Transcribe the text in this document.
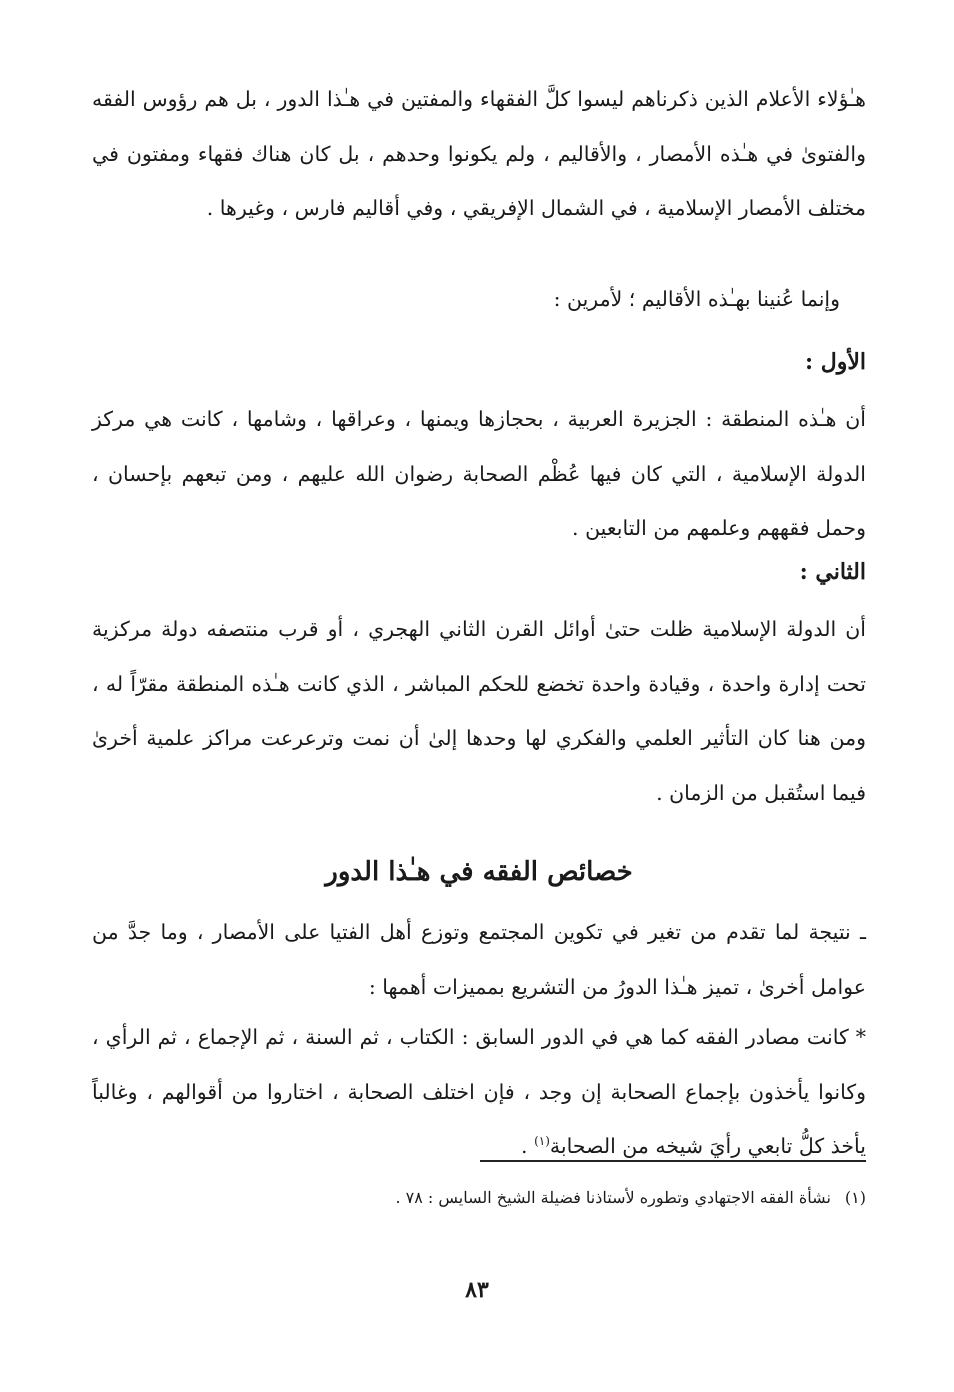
هـٰؤلاء الأعلام الذين ذكرناهم ليسوا كلَّ الفقهاء والمفتين في هـٰذا الدور ، بل هم رؤوس الفقه والفتوىٰ في هـٰذه الأمصار ، والأقاليم ، ولم يكونوا وحدهم ، بل كان هناك فقهاء ومفتون في مختلف الأمصار الإسلامية ، في الشمال الإفريقي ، وفي أقاليم فارس ، وغيرها .
وإنما عُنينا بهـٰذه الأقاليم ؛ لأمرين :
الأول :
أن هـٰذه المنطقة : الجزيرة العربية ، بحجازها ويمنها ، وعراقها ، وشامها ، كانت هي مركز الدولة الإسلامية ، التي كان فيها عُظْم الصحابة رضوان الله عليهم ، ومن تبعهم بإحسان ، وحمل فقههم وعلمهم من التابعين .
الثاني :
أن الدولة الإسلامية ظلت حتىٰ أوائل القرن الثاني الهجري ، أو قرب منتصفه دولة مركزية تحت إدارة واحدة ، وقيادة واحدة تخضع للحكم المباشر ، الذي كانت هـٰذه المنطقة مقرّاً له ، ومن هنا كان التأثير العلمي والفكري لها وحدها إلىٰ أن نمت وترعرعت مراكز علمية أخرىٰ فيما استُقبل من الزمان .
خصائص الفقه في هـٰذا الدور
ـ نتيجة لما تقدم من تغير في تكوين المجتمع وتوزع أهل الفتيا على الأمصار ، وما جدَّ من عوامل أخرىٰ ، تميز هـٰذا الدورُ من التشريع بمميزات أهمها :
* كانت مصادر الفقه كما هي في الدور السابق : الكتاب ، ثم السنة ، ثم الإجماع ، ثم الرأي ، وكانوا يأخذون بإجماع الصحابة إن وجد ، فإن اختلف الصحابة ، اختاروا من أقوالهم ، وغالباً يأخذ كلُّ تابعي رأيَ شيخه من الصحابة$^{(١)}$ .
(١)نشأة الفقه الاجتهادي وتطوره لأستاذنا فضيلة الشيخ السايس : ٧٨ .
٨٣
